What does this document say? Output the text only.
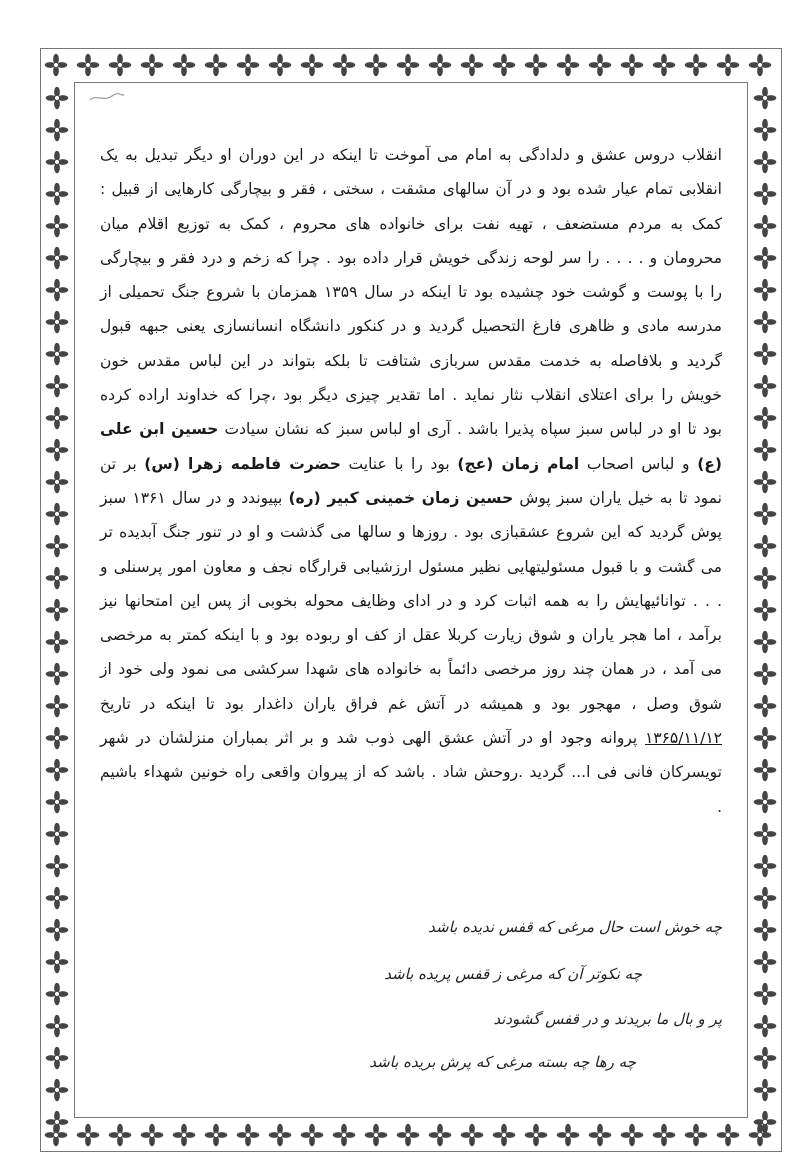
انقلاب دروس عشق و دلدادگی به امام می آموخت تا اینکه در این دوران او دیگر تبدیل به یک انقلابی تمام عیار شده بود و در آن سالهای مشقت ، سختی ، فقر و بیچارگی کارهایی از قبیل : کمک به مردم مستضعف ، تهیه نفت برای خانواده های محروم ، کمک به توزیع اقلام میان محرومان و . . . . را سر لوحه زندگی خویش قرار داده بود . چرا که زخم و درد فقر و بیچارگی را با پوست و گوشت خود چشیده بود تا اینکه در سال ۱۳۵۹ همزمان با شروع جنگ تحمیلی از مدرسه مادی و ظاهری فارغ التحصیل گردید و در کنکور دانشگاه انسانسازی یعنی جبهه قبول گردید و بلافاصله به خدمت مقدس سربازی شتافت تا بلکه بتواند در این لباس مقدس خون خویش را برای اعتلای انقلاب نثار نماید . اما تقدیر چیزی دیگر بود ،چرا که خداوند اراده کرده بود تا او در لباس سبز سپاه پذیرا باشد . آری او لباس سبز که نشان سیادت حسین ابن علی (ع) و لباس اصحاب امام زمان (عج) بود را با عنایت حضرت فاطمه زهرا (س) بر تن نمود تا به خیل یاران سبز پوش حسین زمان خمینی کبیر (ره) بپیوندد و در سال ۱۳۶۱ سبز پوش گردید که این شروع عشقبازی بود . روزها و سالها می گذشت و او در تنور جنگ آبدیده تر می گشت و با قبول مسئولیتهایی نظیر مسئول ارزشیابی قرارگاه نجف و معاون امور پرسنلی و . . . توانائیهایش را به همه اثبات کرد و در ادای وظایف محوله بخوبی از پس این امتحانها نیز برآمد ، اما هجر یاران و شوق زیارت کربلا عقل از کف او ربوده بود و با اینکه کمتر به مرخصی می آمد ، در همان چند روز مرخصی دائماً به خانواده های شهدا سرکشی می نمود ولی خود از شوق وصل ، مهجور بود و همیشه در آتش غم فراق یاران داغدار بود تا اینکه در تاریخ ۱۳۶۵/۱۱/۱۲ پروانه وجود او در آتش عشق الهی ذوب شد و بر اثر بمباران منزلشان در شهر تویسرکان فانی فی ا... گردید .روحش شاد . باشد که از پیروان واقعی راه خونین شهداء باشیم .

چه خوش است حال مرغی که قفس ندیده باشد
چه نکوتر آن که مرغی ز قفس پریده باشد
پر و بال ما بریدند و در قفس گشودند
چه رها چه بسته مرغی که پرش بریده باشد
